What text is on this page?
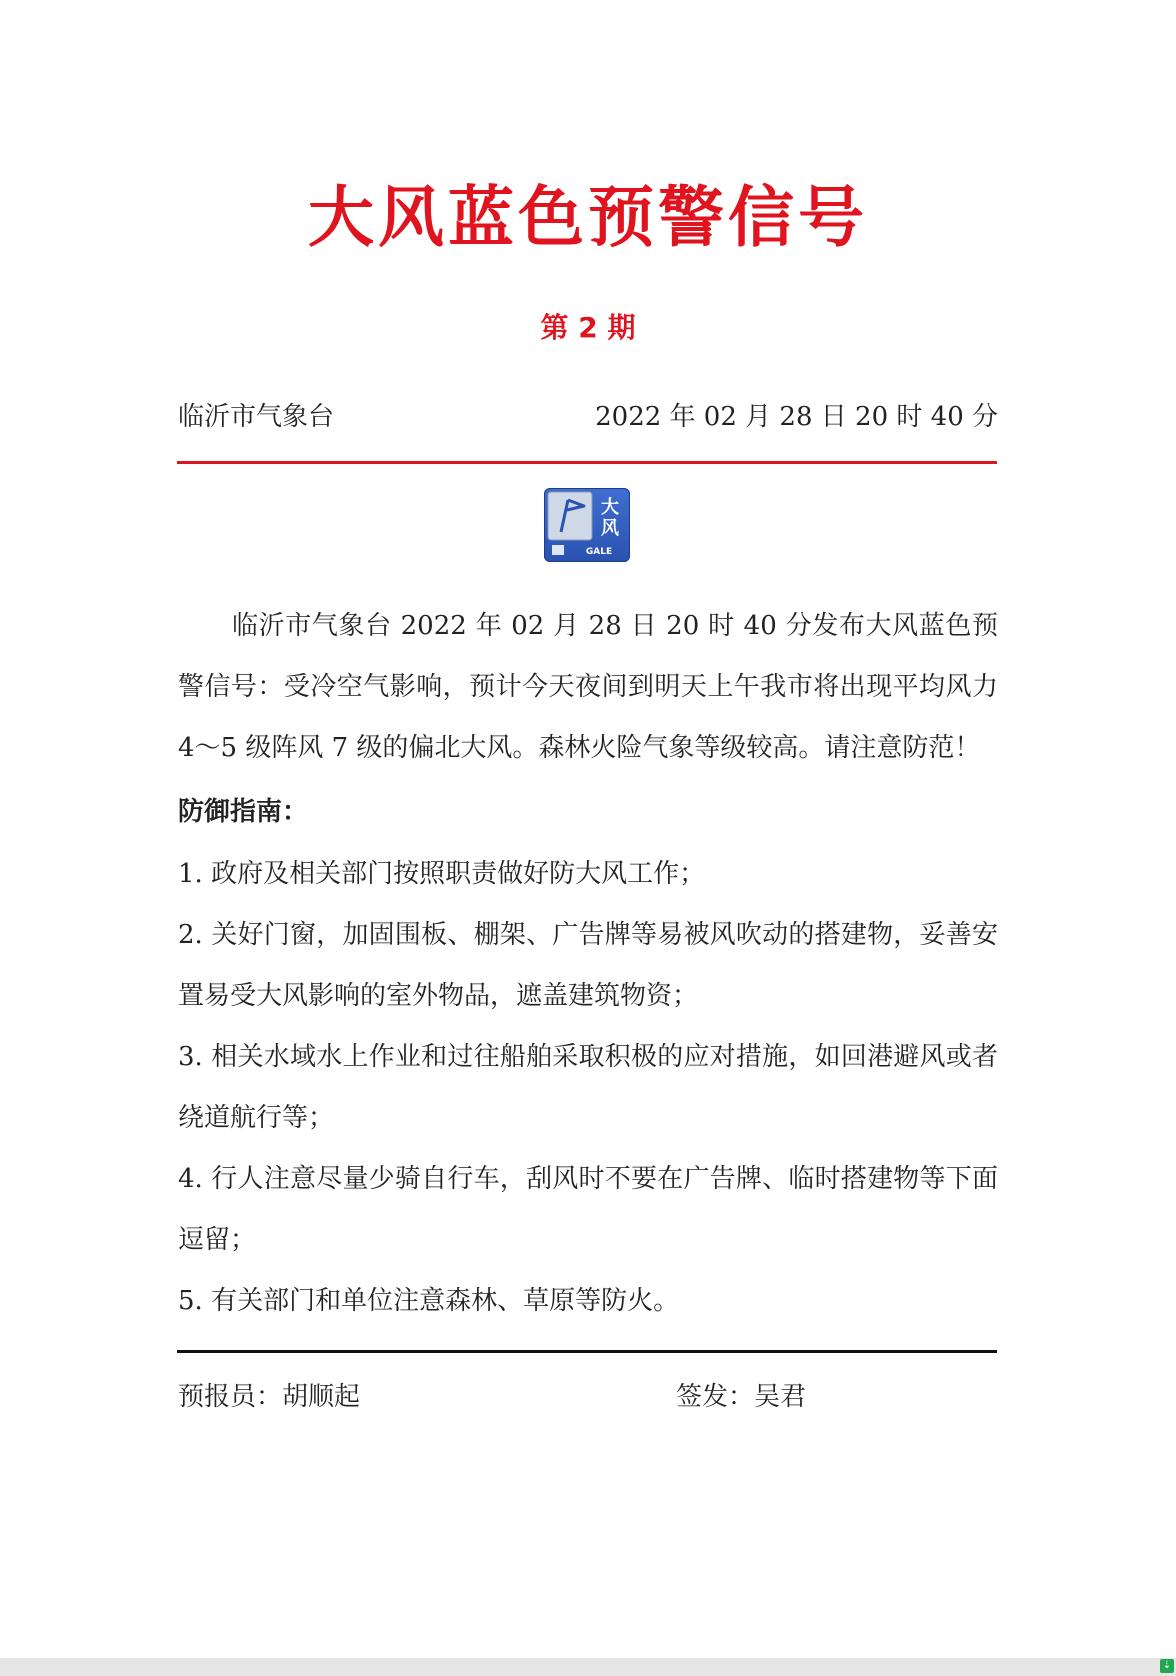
大风蓝色预警信号
第 2 期
临沂市气象台	2022 年 02 月 28 日 20 时 40 分
大
风
GALE

临沂市气象台 2022 年 02 月 28 日 20 时 40 分发布大风蓝色预警信号：受冷空气影响，预计今天夜间到明天上午我市将出现平均风力 4～5 级阵风 7 级的偏北大风。森林火险气象等级较高。请注意防范！

防御指南：
1. 政府及相关部门按照职责做好防大风工作；
2. 关好门窗，加固围板、棚架、广告牌等易被风吹动的搭建物，妥善安置易受大风影响的室外物品，遮盖建筑物资；
3. 相关水域水上作业和过往船舶采取积极的应对措施，如回港避风或者绕道航行等；
4. 行人注意尽量少骑自行车，刮风时不要在广告牌、临时搭建物等下面逗留；
5. 有关部门和单位注意森林、草原等防火。
预报员：胡顺起	签发：吴君
⇣
